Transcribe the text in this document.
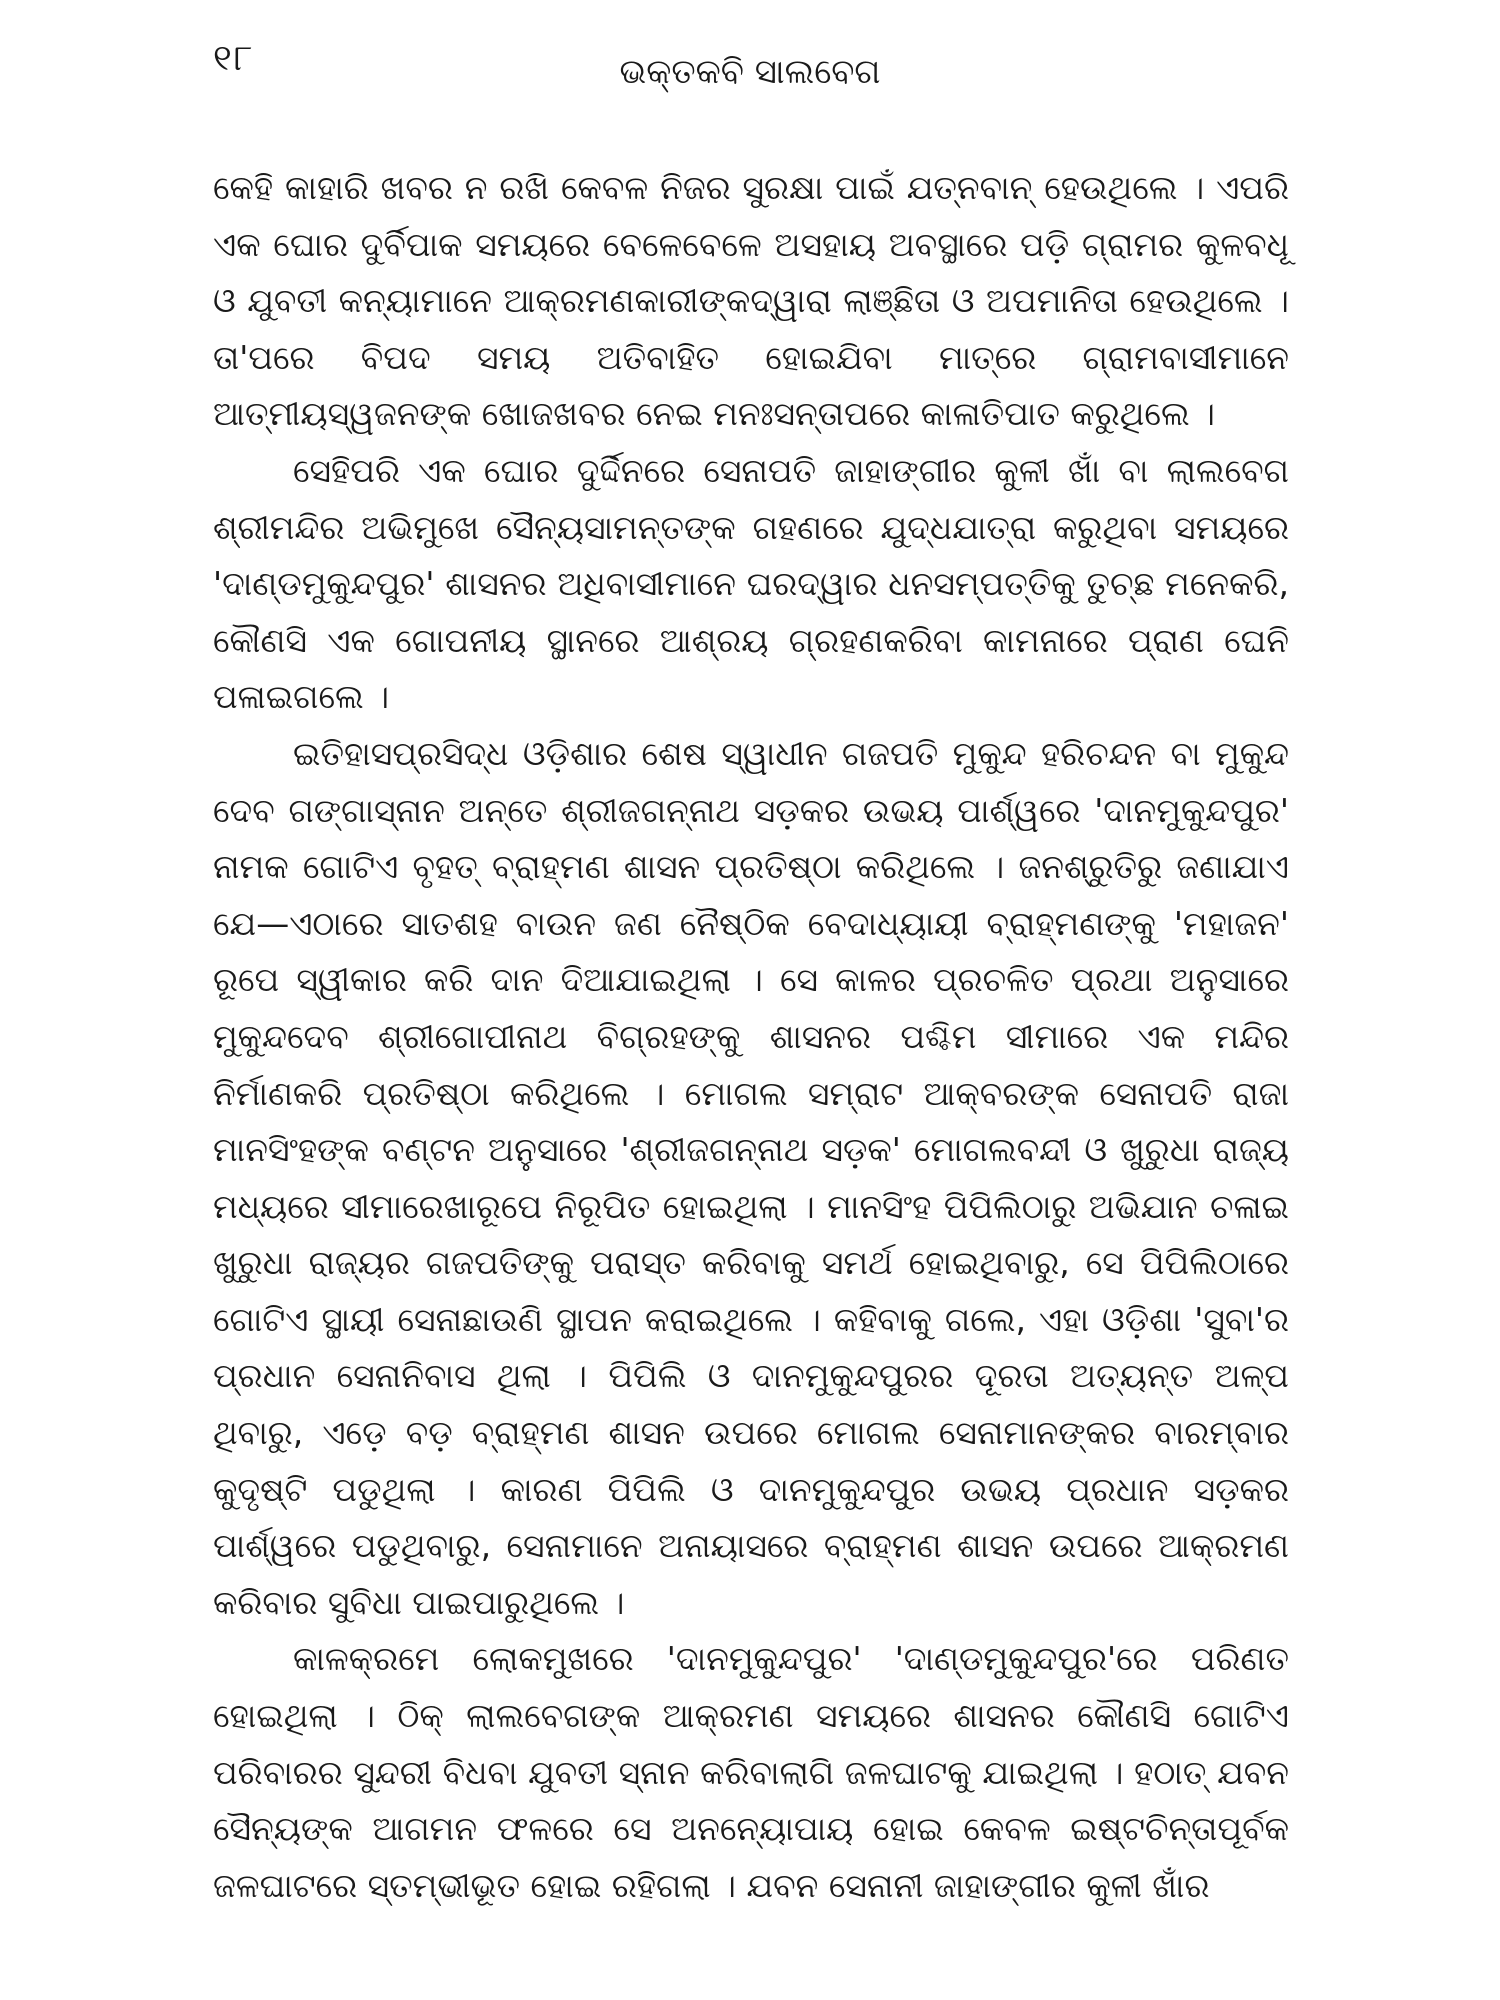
୧୮	ଭକ୍ତକବି ସାଲବେଗ

କେହି କାହାରି ଖବର ନ ରଖି କେବଳ ନିଜର ସୁରକ୍ଷା ପାଇଁ ଯତ୍ନବାନ୍ ହେଉଥିଲେ । ଏପରି ଏକ ଘୋର ଦୁର୍ବିପାକ ସମୟରେ ବେଳେବେଳେ ଅସହାୟ ଅବସ୍ଥାରେ ପଡ଼ି ଗ୍ରାମର କୁଳବଧୂ ଓ ଯୁବତୀ କନ୍ୟାମାନେ ଆକ୍ରମଣକାରୀଙ୍କଦ୍ୱାରା ଲାଞ୍ଛିତା ଓ ଅପମାନିତା ହେଉଥିଲେ । ତା'ପରେ ବିପଦ ସମୟ ଅତିବାହିତ ହୋଇଯିବା ମାତ୍ରେ ଗ୍ରାମବାସୀମାନେ ଆତ୍ମୀୟସ୍ୱଜନଙ୍କ ଖୋଜଖବର ନେଇ ମନଃସନ୍ତାପରେ କାଳାତିପାତ କରୁଥିଲେ ।

ସେହିପରି ଏକ ଘୋର ଦୁର୍ଦ୍ଦିନରେ ସେନାପତି ଜାହାଙ୍ଗୀର କୁଳୀ ଖାଁ ବା ଲାଲବେଗ ଶ୍ରୀମନ୍ଦିର ଅଭିମୁଖେ ସୈନ୍ୟସାମନ୍ତଙ୍କ ଗହଣରେ ଯୁଦ୍ଧଯାତ୍ରା କରୁଥିବା ସମୟରେ 'ଦାଣ୍ଡମୁକୁନ୍ଦପୁର' ଶାସନର ଅଧିବାସୀମାନେ ଘରଦ୍ୱାର ଧନସମ୍ପତ୍ତିକୁ ତୁଚ୍ଛ ମନେକରି, କୌଣସି ଏକ ଗୋପନୀୟ ସ୍ଥାନରେ ଆଶ୍ରୟ ଗ୍ରହଣକରିବା କାମନାରେ ପ୍ରାଣ ଘେନି ପଳାଇଗଲେ ।

ଇତିହାସପ୍ରସିଦ୍ଧ ଓଡ଼ିଶାର ଶେଷ ସ୍ୱାଧୀନ ଗଜପତି ମୁକୁନ୍ଦ ହରିଚନ୍ଦନ ବା ମୁକୁନ୍ଦ ଦେବ ଗଙ୍ଗାସ୍ନାନ ଅନ୍ତେ ଶ୍ରୀଜଗନ୍ନାଥ ସଡ଼କର ଉଭୟ ପାର୍ଶ୍ୱରେ 'ଦାନମୁକୁନ୍ଦପୁର' ନାମକ ଗୋଟିଏ ବୃହତ୍ ବ୍ରାହ୍ମଣ ଶାସନ ପ୍ରତିଷ୍ଠା କରିଥିଲେ । ଜନଶ୍ରୁତିରୁ ଜଣାଯାଏ ଯେ—ଏଠାରେ ସାତଶହ ବାଉନ ଜଣ ନୈଷ୍ଠିକ ବେଦାଧ୍ୟାୟୀ ବ୍ରାହ୍ମଣଙ୍କୁ 'ମହାଜନ' ରୂପେ ସ୍ୱୀକାର କରି ଦାନ ଦିଆଯାଇଥିଲା । ସେ କାଳର ପ୍ରଚଳିତ ପ୍ରଥା ଅନୁସାରେ ମୁକୁନ୍ଦଦେବ ଶ୍ରୀଗୋପୀନାଥ ବିଗ୍ରହଙ୍କୁ ଶାସନର ପଶ୍ଚିମ ସୀମାରେ ଏକ ମନ୍ଦିର ନିର୍ମାଣକରି ପ୍ରତିଷ୍ଠା କରିଥିଲେ । ମୋଗଲ ସମ୍ରାଟ ଆକ୍ବରଙ୍କ ସେନାପତି ରାଜା ମାନସିଂହଙ୍କ ବଣ୍ଟନ ଅନୁସାରେ 'ଶ୍ରୀଜଗନ୍ନାଥ ସଡ଼କ' ମୋଗଲବନ୍ଦୀ ଓ ଖୁରୁଧା ରାଜ୍ୟ ମଧ୍ୟରେ ସୀମାରେଖାରୂପେ ନିରୂପିତ ହୋଇଥିଲା । ମାନସିଂହ ପିପିଲିଠାରୁ ଅଭିଯାନ ଚଳାଇ ଖୁରୁଧା ରାଜ୍ୟର ଗଜପତିଙ୍କୁ ପରାସ୍ତ କରିବାକୁ ସମର୍ଥ ହୋଇଥିବାରୁ, ସେ ପିପିଲିଠାରେ ଗୋଟିଏ ସ୍ଥାୟୀ ସେନାଛାଉଣି ସ୍ଥାପନ କରାଇଥିଲେ । କହିବାକୁ ଗଲେ, ଏହା ଓଡ଼ିଶା 'ସୁବା'ର ପ୍ରଧାନ ସେନାନିବାସ ଥିଲା । ପିପିଲି ଓ ଦାନମୁକୁନ୍ଦପୁରର ଦୂରତା ଅତ୍ୟନ୍ତ ଅଳ୍ପ ଥିବାରୁ, ଏଡ଼େ ବଡ଼ ବ୍ରାହ୍ମଣ ଶାସନ ଉପରେ ମୋଗଲ ସେନାମାନଙ୍କର ବାରମ୍ବାର କୁଦୃଷ୍ଟି ପଡୁଥିଲା । କାରଣ ପିପିଲି ଓ ଦାନମୁକୁନ୍ଦପୁର ଉଭୟ ପ୍ରଧାନ ସଡ଼କର ପାର୍ଶ୍ୱରେ ପଡୁଥିବାରୁ, ସେନାମାନେ ଅନାୟାସରେ ବ୍ରାହ୍ମଣ ଶାସନ ଉପରେ ଆକ୍ରମଣ କରିବାର ସୁବିଧା ପାଇପାରୁଥିଲେ ।

କାଳକ୍ରମେ ଲୋକମୁଖରେ 'ଦାନମୁକୁନ୍ଦପୁର' 'ଦାଣ୍ଡମୁକୁନ୍ଦପୁର'ରେ ପରିଣତ ହୋଇଥିଲା । ଠିକ୍ ଲାଲବେଗଙ୍କ ଆକ୍ରମଣ ସମୟରେ ଶାସନର କୌଣସି ଗୋଟିଏ ପରିବାରର ସୁନ୍ଦରୀ ବିଧବା ଯୁବତୀ ସ୍ନାନ କରିବାଲାଗି ଜଳଘାଟକୁ ଯାଇଥିଲା । ହଠାତ୍ ଯବନ ସୈନ୍ୟଙ୍କ ଆଗମନ ଫଳରେ ସେ ଅନନ୍ୟୋପାୟ ହୋଇ କେବଳ ଇଷ୍ଟଚିନ୍ତାପୂର୍ବକ ଜଳଘାଟରେ ସ୍ତମ୍ଭୀଭୂତ ହୋଇ ରହିଗଲା । ଯବନ ସେନାନୀ ଜାହାଙ୍ଗୀର କୁଳୀ ଖାଁର
